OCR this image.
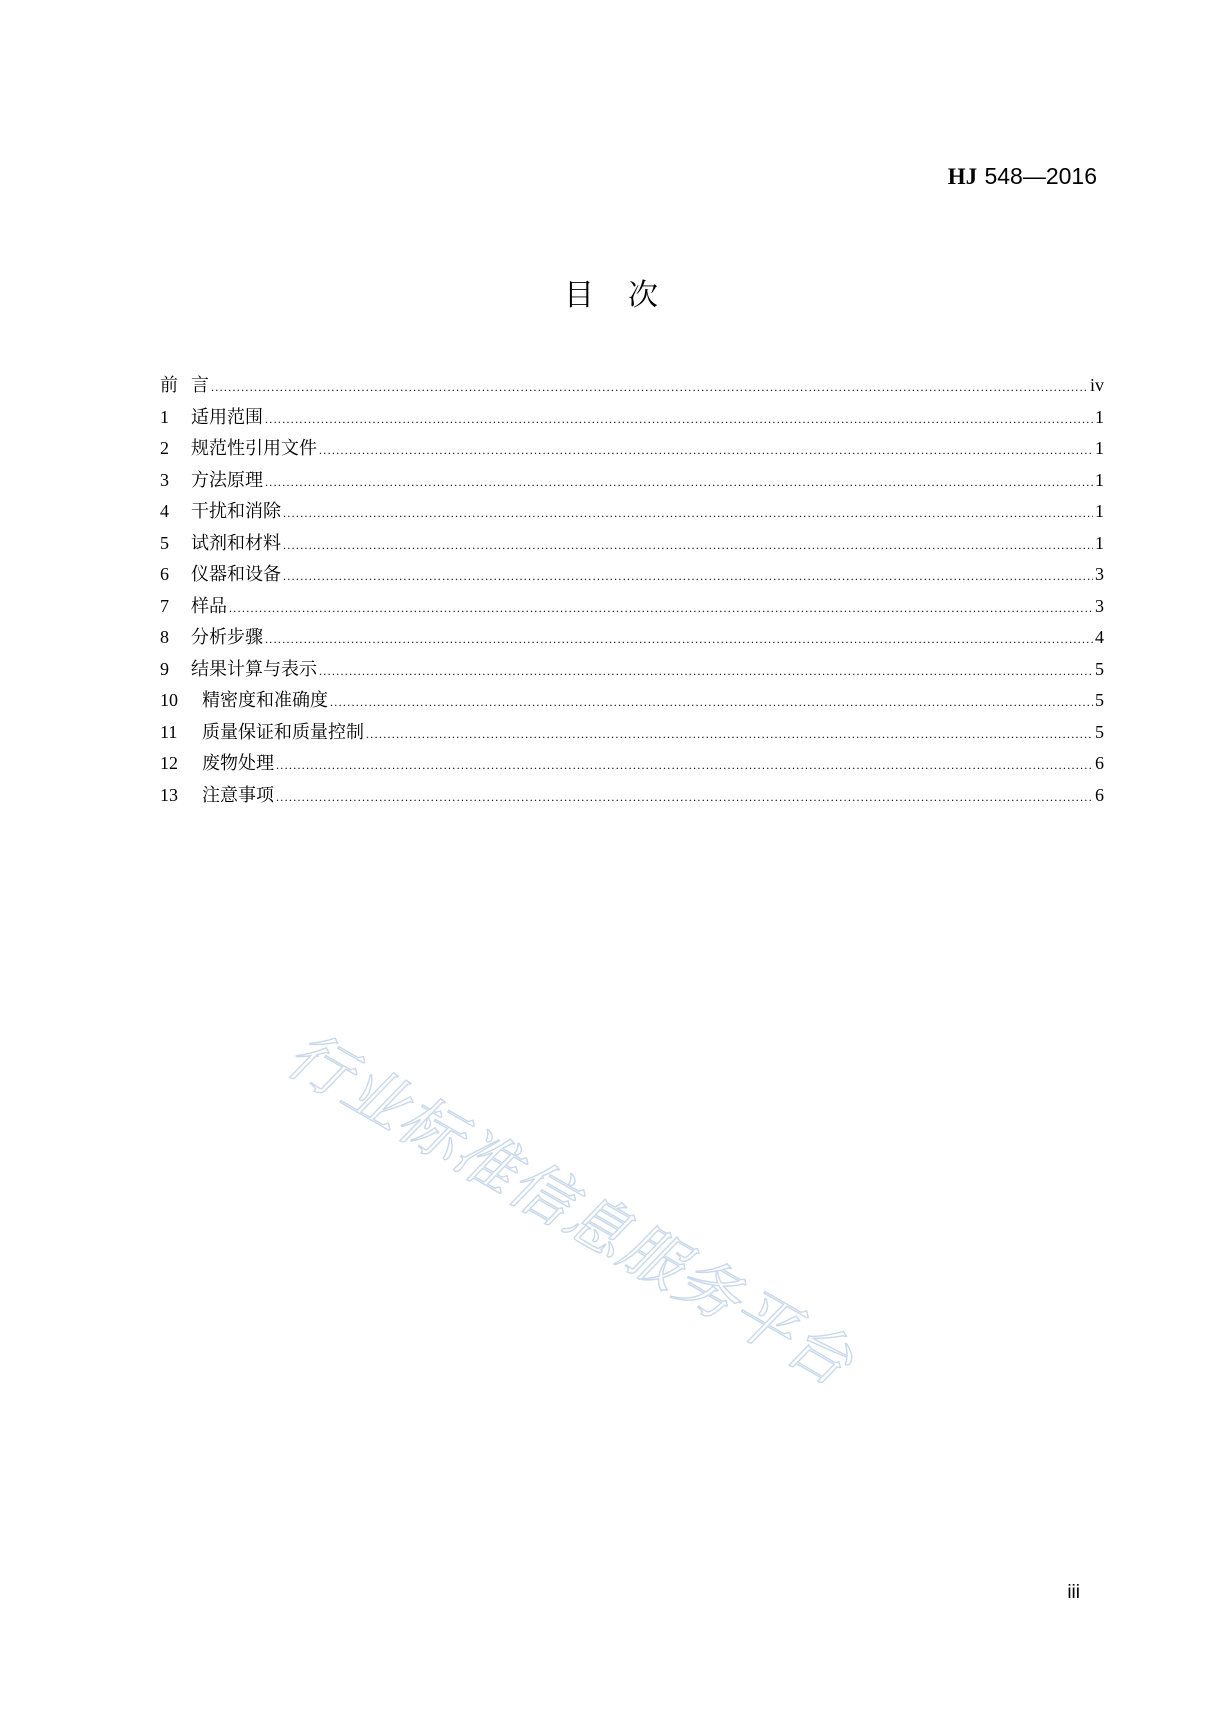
HJ 548—2016
目　次
前 言 .....	iv
1	适用范围 .....	1
2	规范性引用文件 .....	1
3	方法原理 .....	1
4	干扰和消除 .....	1
5	试剂和材料 .....	1
6	仪器和设备 .....	3
7	样品 .....	3
8	分析步骤 .....	4
9	结果计算与表示 .....	5
10	精密度和准确度 .....	5
11	质量保证和质量控制 .....	5
12	废物处理 .....	6
13	注意事项 .....	6
行业标准信息服务平台
iii
